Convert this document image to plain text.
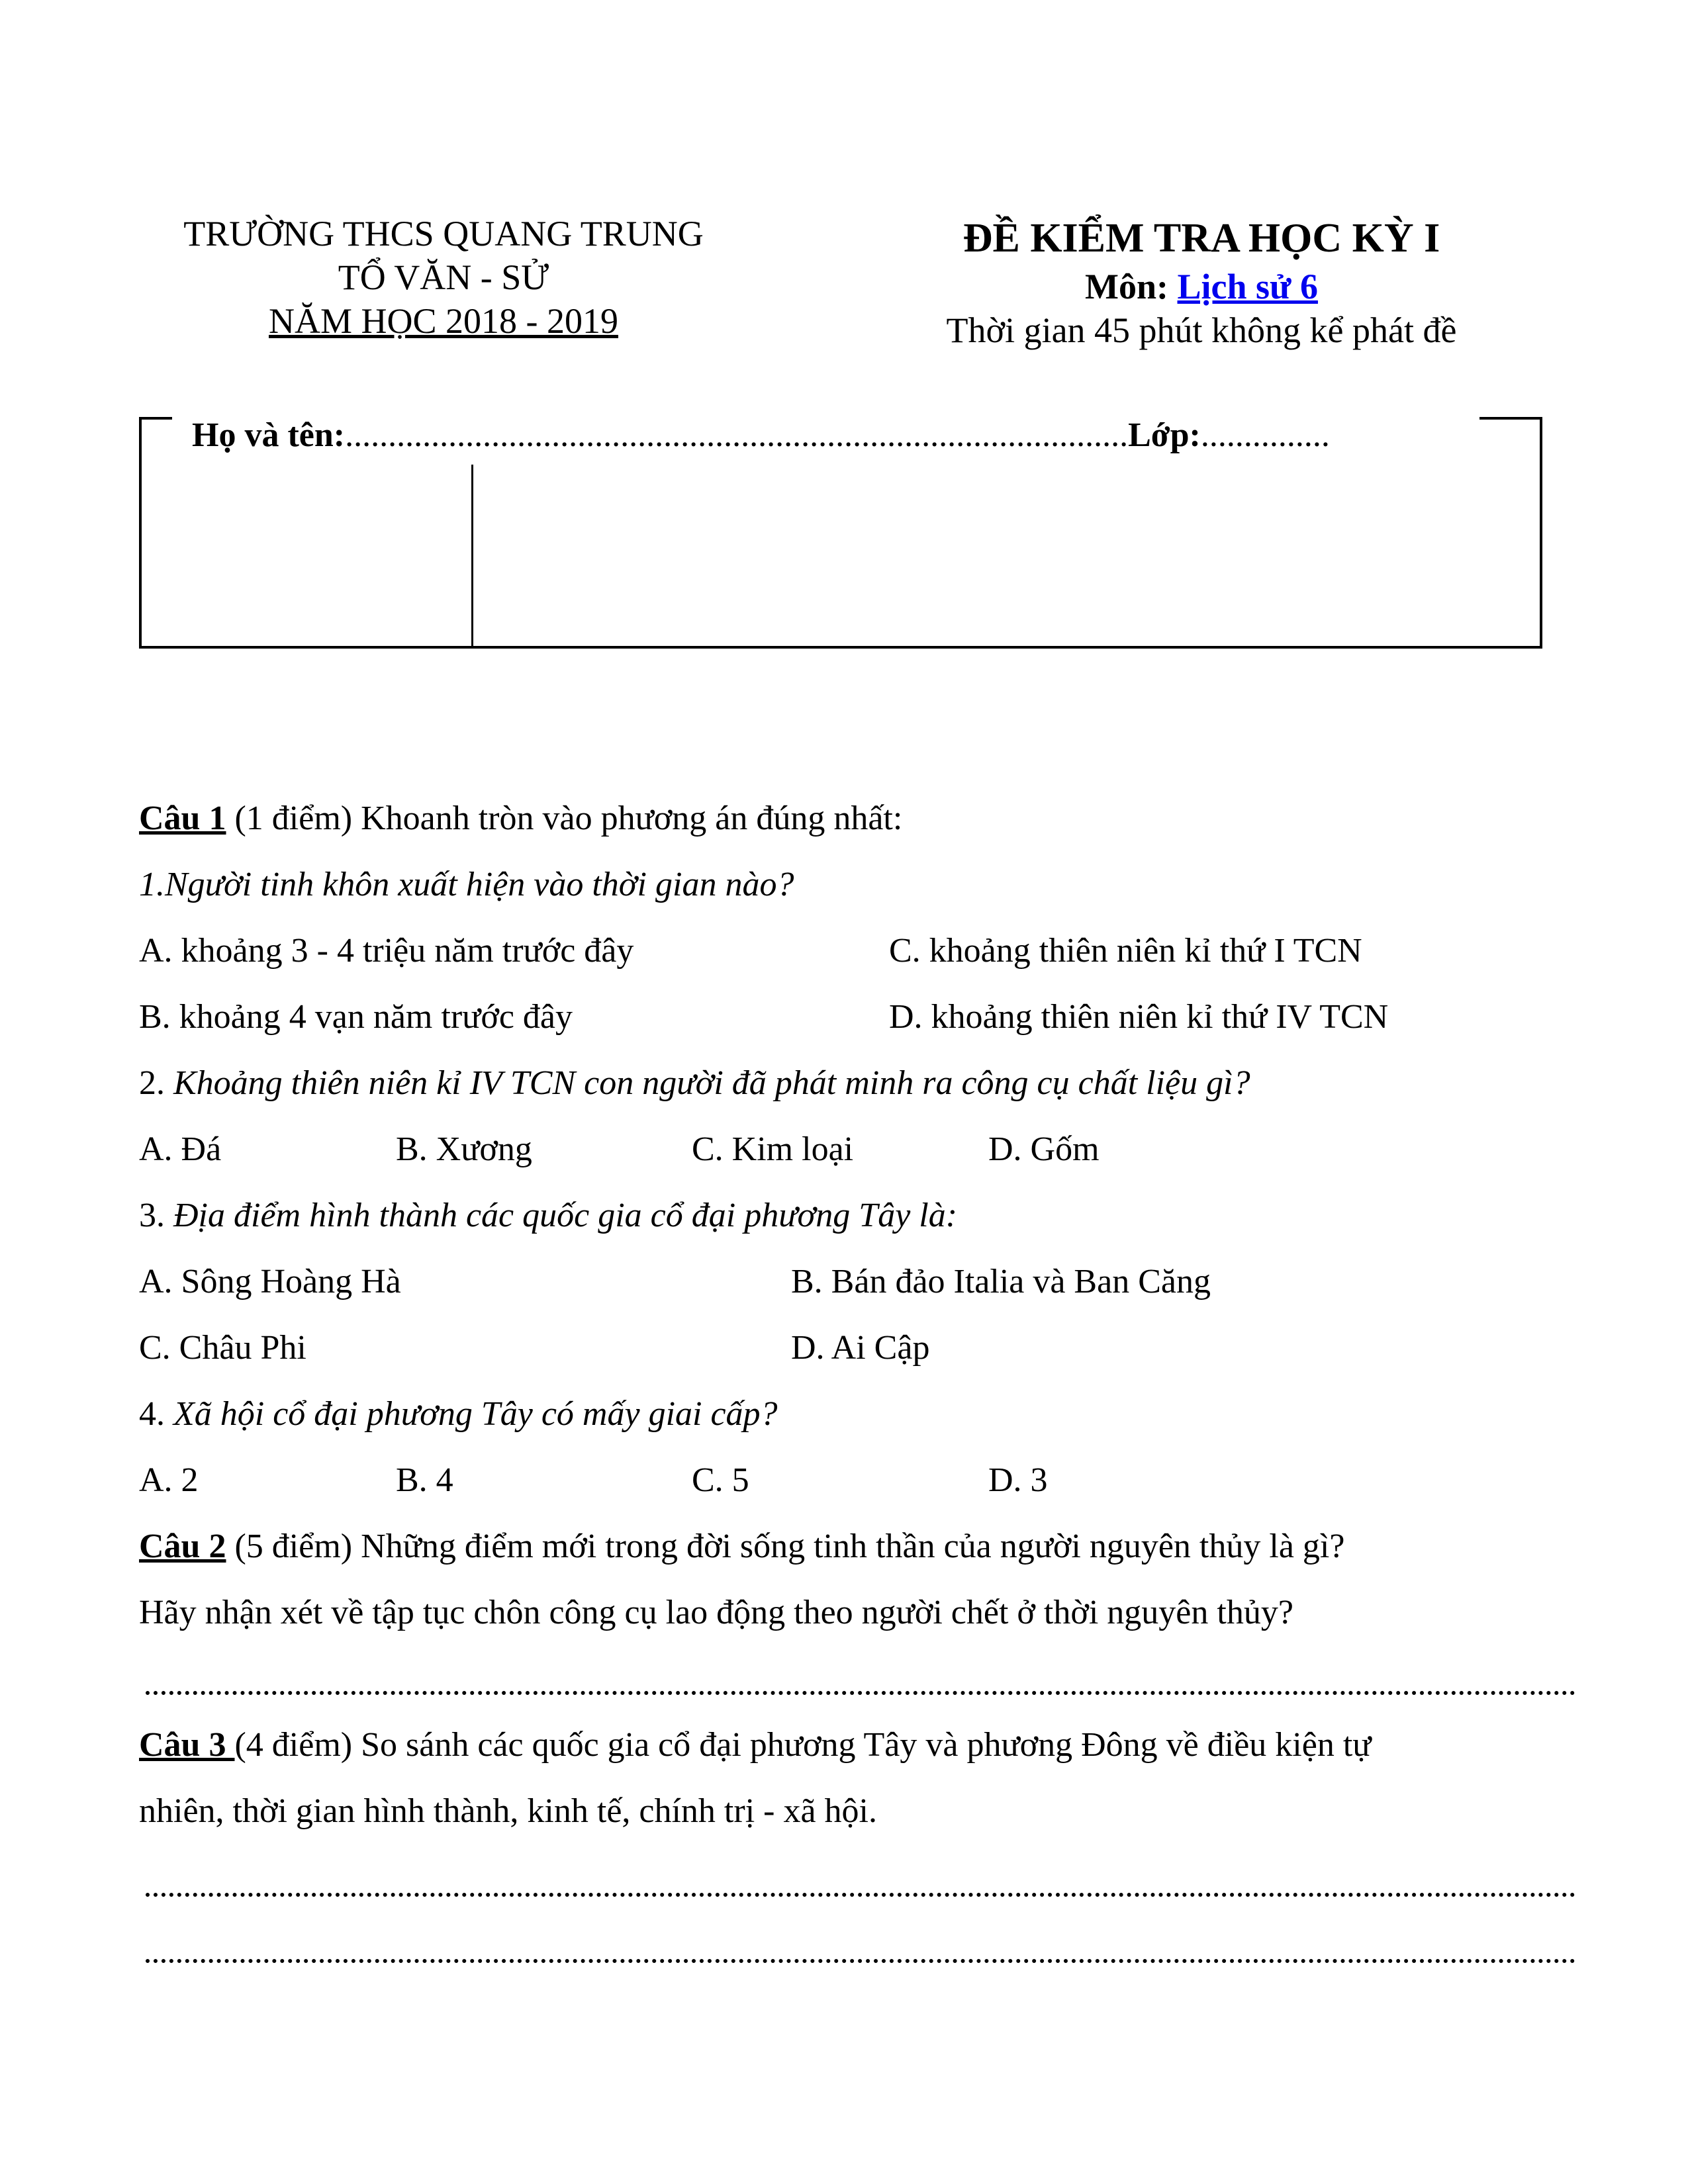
TRƯỜNG THCS QUANG TRUNG
TỔ VĂN - SỬ
NĂM HỌC 2018 - 2019
ĐỀ KIỂM TRA HỌC KỲ I
Môn: Lịch sử 6
Thời gian 45 phút không kể phát đề
Họ và tên:...........................................................................................Lớp:...............
Câu 1 (1 điểm) Khoanh tròn vào phương án đúng nhất:
1.Người tinh khôn xuất hiện vào thời gian nào?
A. khoảng 3 - 4 triệu năm trước đây	C. khoảng thiên niên kỉ thứ I TCN
B. khoảng 4 vạn năm trước đây	D. khoảng thiên niên kỉ thứ IV TCN
2. Khoảng thiên niên kỉ IV TCN con người đã phát minh ra công cụ chất liệu gì?
A. Đá	B. Xương	C. Kim loại	D. Gốm
3. Địa điểm hình thành các quốc gia cổ đại phương Tây là:
A. Sông Hoàng Hà	B. Bán đảo Italia và Ban Căng
C. Châu Phi	D. Ai Cập
4. Xã hội cổ đại phương Tây có mấy giai cấp?
A. 2	B. 4	C. 5	D. 3
Câu 2 (5 điểm) Những điểm mới trong đời sống tinh thần của người nguyên thủy là gì?
Hãy nhận xét về tập tục chôn công cụ lao động theo người chết ở thời nguyên thủy?
Câu 3 (4 điểm) So sánh các quốc gia cổ đại phương Tây và phương Đông về điều kiện tự
nhiên, thời gian hình thành, kinh tế, chính trị - xã hội.
